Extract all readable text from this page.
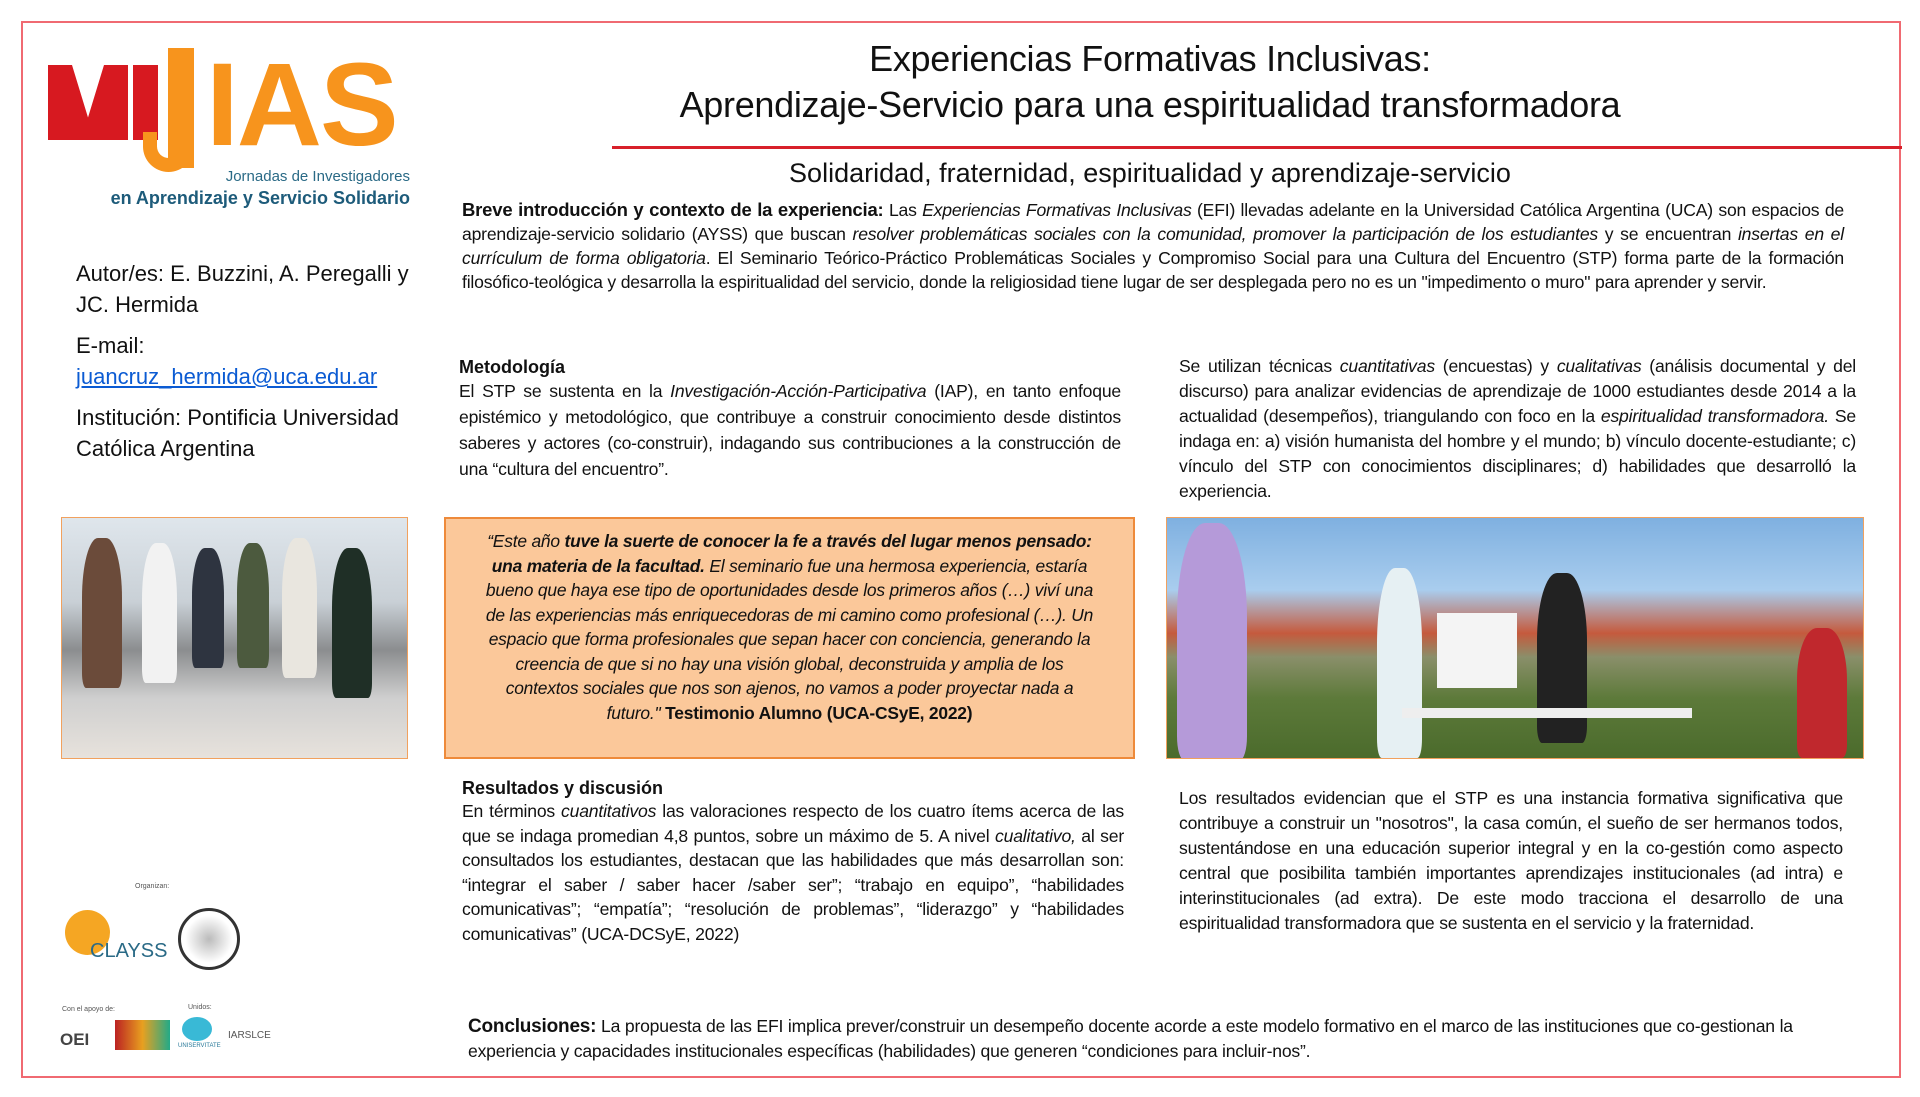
IAS
Jornadas de Investigadores
en Aprendizaje y Servicio Solidario
Experiencias Formativas Inclusivas:
Aprendizaje-Servicio para una espiritualidad transformadora
Solidaridad, fraternidad, espiritualidad y aprendizaje-servicio

Autor/es: E. Buzzini, A. Peregalli y JC. Hermida

E-mail:

juancruz_hermida@uca.edu.ar

Institución: Pontificia Universidad Católica Argentina

Breve introducción y contexto de la experiencia: Las Experiencias Formativas Inclusivas (EFI) llevadas adelante en la Universidad Católica Argentina (UCA) son espacios de aprendizaje-servicio solidario (AYSS) que buscan resolver problemáticas sociales con la comunidad, promover la participación de los estudiantes y se encuentran insertas en el currículum de forma obligatoria. El Seminario Teórico-Práctico Problemáticas Sociales y Compromiso Social para una Cultura del Encuentro (STP) forma parte de la formación filosófico-teológica y desarrolla la espiritualidad del servicio, donde la religiosidad tiene lugar de ser desplegada pero no es un "impedimento o muro" para aprender y servir.
Metodología
El STP se sustenta en la Investigación-Acción-Participativa (IAP), en tanto enfoque epistémico y metodológico, que contribuye a construir conocimiento desde distintos saberes y actores (co-construir), indagando sus contribuciones a la construcción de una “cultura del encuentro”.
Se utilizan técnicas cuantitativas (encuestas) y cualitativas (análisis documental y del discurso) para analizar evidencias de aprendizaje de 1000 estudiantes desde 2014 a la actualidad (desempeños), triangulando con foco en la espiritualidad transformadora. Se indaga en: a) visión humanista del hombre y el mundo; b) vínculo docente-estudiante; c) vínculo del STP con conocimientos disciplinares; d) habilidades que desarrolló la experiencia.
“Este año tuve la suerte de conocer la fe a través del lugar menos pensado: una materia de la facultad. El seminario fue una hermosa experiencia, estaría bueno que haya ese tipo de oportunidades desde los primeros años (…) viví una de las experiencias más enriquecedoras de mi camino como profesional (…). Un espacio que forma profesionales que sepan hacer con conciencia, generando la creencia de que si no hay una visión global, deconstruida y amplia de los contextos sociales que nos son ajenos, no vamos a poder proyectar nada a futuro." Testimonio Alumno (UCA-CSyE, 2022)
Resultados y discusión
En términos cuantitativos las valoraciones respecto de los cuatro ítems acerca de las que se indaga promedian 4,8 puntos, sobre un máximo de 5. A nivel cualitativo, al ser consultados los estudiantes, destacan que las habilidades que más desarrollan son: “integrar el saber / saber hacer /saber ser”; “trabajo en equipo”, “habilidades comunicativas”; “empatía”; “resolución de problemas”, “liderazgo” y “habilidades comunicativas” (UCA-DCSyE, 2022)
Los resultados evidencian que el STP es una instancia formativa significativa que contribuye a construir un "nosotros", la casa común, el sueño de ser hermanos todos, sustentándose en una educación superior integral y en la co-gestión como aspecto central que posibilita también importantes aprendizajes institucionales (ad intra) e interinstitucionales (ad extra). De este modo tracciona el desarrollo de una espiritualidad transformadora que se sustenta en el servicio y la fraternidad.
Conclusiones: La propuesta de las EFI implica prever/construir un desempeño docente acorde a este modelo formativo en el marco de las instituciones que co-gestionan la experiencia y capacidades institucionales específicas (habilidades) que generen “condiciones para incluir-nos”.
Organizan:
CLAYSS
Con el apoyo de:	Unidos:
OEI	UNISERVITATE
IARSLCE
